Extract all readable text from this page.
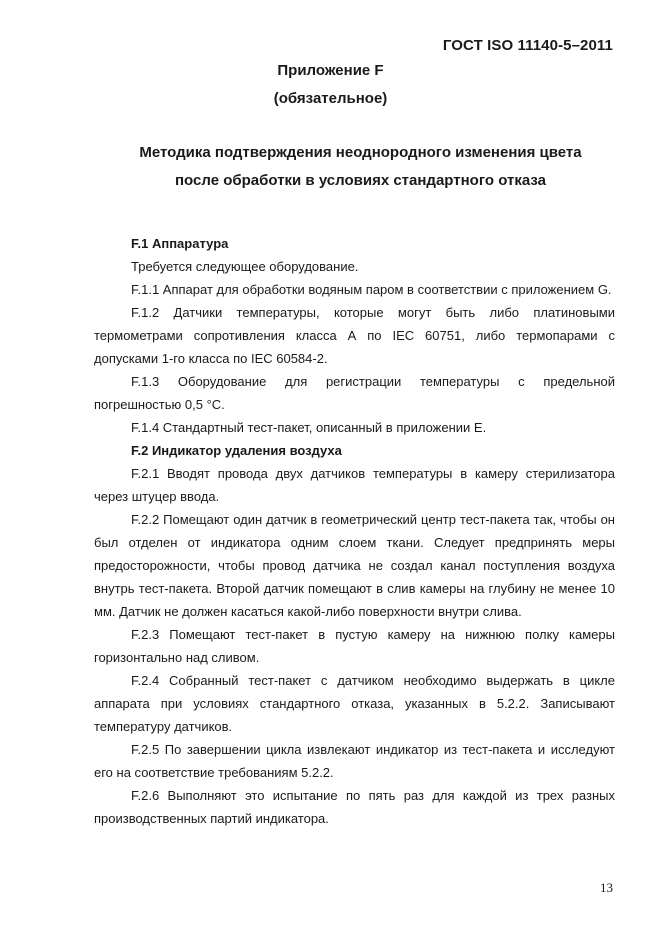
ГОСТ ISO 11140-5–2011
Приложение F
(обязательное)
Методика подтверждения неоднородного изменения цвета
после обработки в условиях стандартного отказа

F.1 Аппаратура

Требуется следующее оборудование.

F.1.1 Аппарат для обработки водяным паром в соответствии с приложением G.

F.1.2 Датчики температуры, которые могут быть либо платиновыми термометрами сопротивления класса А по IEC 60751, либо термопарами с допусками 1-го класса по IEC 60584-2.

F.1.3 Оборудование для регистрации температуры с предельной погрешностью 0,5 °C.

F.1.4 Стандартный тест-пакет, описанный в приложении Е.

F.2 Индикатор удаления воздуха

F.2.1 Вводят провода двух датчиков температуры в камеру стерилизатора через штуцер ввода.

F.2.2 Помещают один датчик в геометрический центр тест-пакета так, чтобы он был отделен от индикатора одним слоем ткани. Следует предпринять меры предосторожности, чтобы провод датчика не создал канал поступления воздуха внутрь тест-пакета. Второй датчик помещают в слив камеры на глубину не менее 10 мм. Датчик не должен касаться какой-либо поверхности внутри слива.

F.2.3 Помещают тест-пакет в пустую камеру на нижнюю полку камеры горизонтально над сливом.

F.2.4 Собранный тест-пакет с датчиком необходимо выдержать в цикле аппарата при условиях стандартного отказа, указанных в 5.2.2. Записывают температуру датчиков.

F.2.5 По завершении цикла извлекают индикатор из тест-пакета и исследуют его на соответствие требованиям 5.2.2.

F.2.6 Выполняют это испытание по пять раз для каждой из трех разных производственных партий индикатора.

13
